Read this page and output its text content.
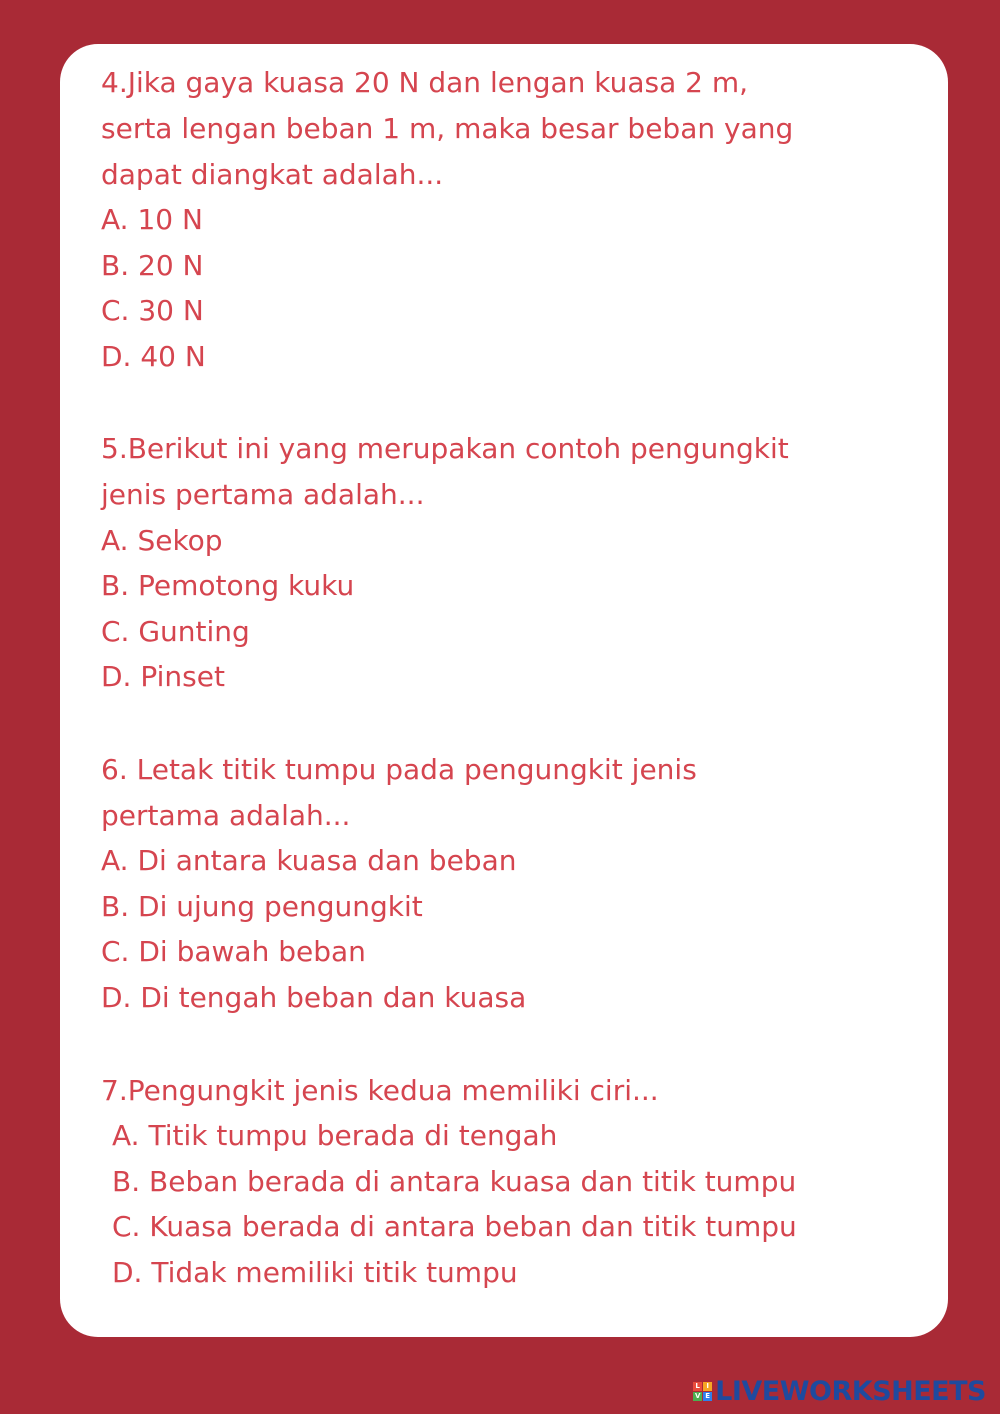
4.Jika gaya kuasa 20 N dan lengan kuasa 2 m,
serta lengan beban 1 m, maka besar beban yang
dapat diangkat adalah...
A. 10 N
B. 20 N
C. 30 N
D. 40 N
5.Berikut ini yang merupakan contoh pengungkit
jenis pertama adalah...
A. Sekop
B. Pemotong kuku
C. Gunting
D. Pinset
6. Letak titik tumpu pada pengungkit jenis
pertama adalah...
A. Di antara kuasa dan beban
B. Di ujung pengungkit
C. Di bawah beban
D. Di tengah beban dan kuasa
7.Pengungkit jenis kedua memiliki ciri...
A. Titik tumpu berada di tengah
B. Beban berada di antara kuasa dan titik tumpu
C. Kuasa berada di antara beban dan titik tumpu
D. Tidak memiliki titik tumpu
L I
V E LIVEWORKSHEETS
